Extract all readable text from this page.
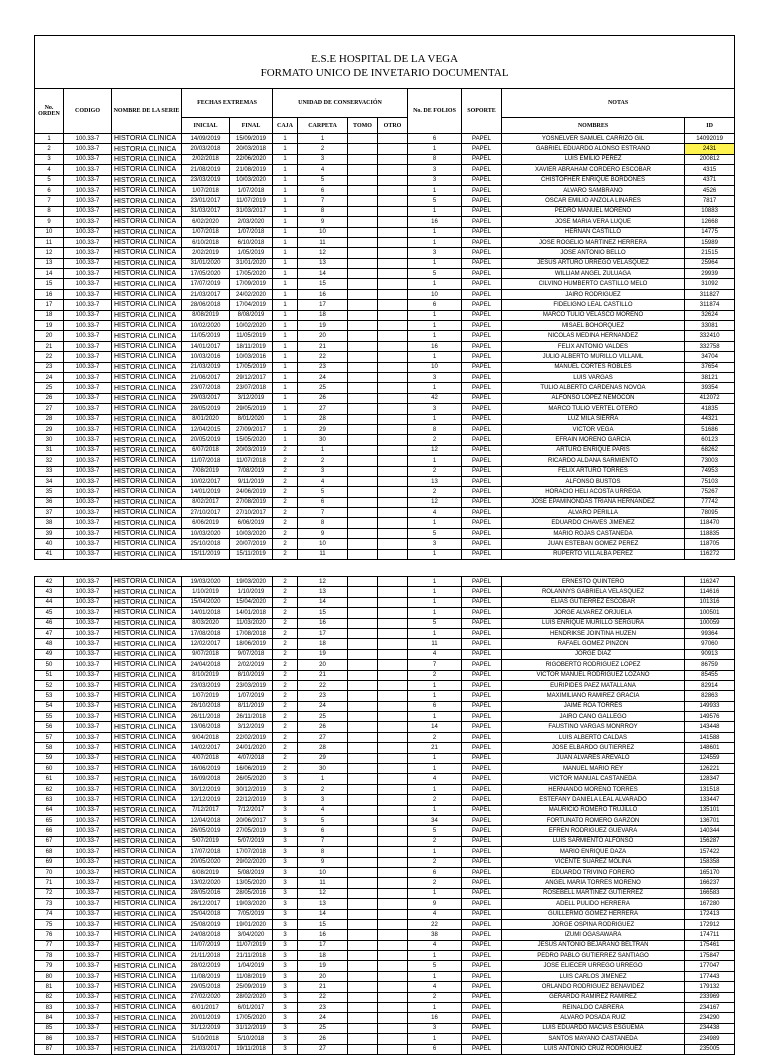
E.S.E HOSPITAL DE LA VEGA
FORMATO UNICO DE INVETARIO DOCUMENTAL												

No. ORDEN	CODIGO	NOMBRE DE LA SERIE	FECHAS EXTREMAS		UNIDAD DE CONSERVACIÓN				No. DE FOLIOS	SOPORTE	NOTAS	
			INICIAL	FINAL	CAJA	CARPETA	TOMO	OTRO			NOMBRES	ID
1	100.33-7	HISTORIA CLINICA	14/09/2019	15/09/2019	1	1			6	PAPEL	YOSNELVER SAMUEL CARRIZO GIL	14092019
2	100.33-7	HISTORIA CLINICA	20/03/2018	20/03/2018	1	2			1	PAPEL	GABRIEL EDUARDO ALONSO ESTRANO	2431
3	100.33-7	HISTORIA CLINICA	2/02/2018	22/06/2020	1	3			8	PAPEL	LUIS EMILIO PEREZ	200812
4	100.33-7	HISTORIA CLINICA	21/08/2019	21/08/2019	1	4			3	PAPEL	XAVIER ABRAHAM CORDERO ESCOBAR	4315
5	100.33-7	HISTORIA CLINICA	23/03/2019	10/03/2020	1	5			3	PAPEL	CHISTOFHER ENRIQUE BORDONES	4371
6	100.33-7	HISTORIA CLINICA	1/07/2018	1/07/2018	1	6			1	PAPEL	ALVARO SAMBRANO	4526
7	100.33-7	HISTORIA CLINICA	23/01/2017	11/07/2019	1	7			5	PAPEL	OSCAR EMILIO ANZOLA LINARES	7817
8	100.33-7	HISTORIA CLINICA	31/03/2017	31/03/2017	1	8			1	PAPEL	PEDRO MANUEL MORENO	10883
9	100.33-7	HISTORIA CLINICA	6/02/2020	2/03/2020	1	9			16	PAPEL	JOSE MARIA VERA LUQUE	12668
10	100.33-7	HISTORIA CLINICA	1/07/2018	1/07/2018	1	10			1	PAPEL	HERNAN CASTILLO	14775
11	100.33-7	HISTORIA CLINICA	6/10/2018	6/10/2018	1	11			1	PAPEL	JOSE ROGELIO MARTINEZ HERRERA	15989
12	100.33-7	HISTORIA CLINICA	2/02/2019	1/05/2019	1	12			3	PAPEL	JOSE ANTONIO BELLO	21515
13	100.33-7	HISTORIA CLINICA	31/01/2020	31/01/2020	1	13			1	PAPEL	JESUS ARTURO URREGO VELASQUEZ	25964
14	100.33-7	HISTORIA CLINICA	17/05/2020	17/05/2020	1	14			5	PAPEL	WILLIAM ANGEL ZULUAGA	29939
15	100.33-7	HISTORIA CLINICA	17/07/2019	17/09/2019	1	15			1	PAPEL	CILVINO HUMBERTO CASTILLO MELO	31092
16	100.33-7	HISTORIA CLINICA	21/03/2017	24/02/2020	1	16			10	PAPEL	JAIRO RODRIGUEZ	311827
17	100.33-7	HISTORIA CLINICA	28/06/2018	17/04/2019	1	17			6	PAPEL	FIDELIGNO LEAL CASTILLO	311874
18	100.33-7	HISTORIA CLINICA	8/08/2019	8/08/2019	1	18			1	PAPEL	MARCO TULIO VELASCO MORENO	32624
19	100.33-7	HISTORIA CLINICA	10/02/2020	10/02/2020	1	19			1	PAPEL	MISAEL BOHORQUEZ	33081
20	100.33-7	HISTORIA CLINICA	11/05/2019	11/05/2019	1	20			1	PAPEL	NICOLAS MEDINA HERNANDEZ	332410
21	100.33-7	HISTORIA CLINICA	14/01/2017	18/11/2019	1	21			16	PAPEL	FELIX ANTONIO VALDES	332758
22	100.33-7	HISTORIA CLINICA	10/03/2016	10/03/2016	1	22			1	PAPEL	JULIO ALBERTO MURILLO VILLAML	34704
23	100.33-7	HISTORIA CLINICA	21/03/2019	17/05/2019	1	23			10	PAPEL	MANUEL CORTES ROBLES	37654
24	100.33-7	HISTORIA CLINICA	21/06/2017	29/12/2017	1	24			3	PAPEL	LUIS VARGAS	38121
25	100.33-7	HISTORIA CLINICA	23/07/2018	23/07/2018	1	25			1	PAPEL	TULIO ALBERTO CARDENAS NOVOA	39354
26	100.33-7	HISTORIA CLINICA	29/03/2017	3/12/2019	1	26			42	PAPEL	ALFONSO LOPEZ NEMOCON	412072
27	100.33-7	HISTORIA CLINICA	28/05/2019	29/05/2019	1	27			3	PAPEL	MARCO TULIO VERTEL OTERO	41835
28	100.33-7	HISTORIA CLINICA	8/01/2020	8/01/2020	1	28			1	PAPEL	LUZ MILA SIERRA	44321
29	100.33-7	HISTORIA CLINICA	12/04/2015	27/09/2017	1	29			8	PAPEL	VICTOR VEGA	51686
30	100.33-7	HISTORIA CLINICA	20/05/2019	15/05/2020	1	30			2	PAPEL	EFRAIN MORENO GARCIA	60123
31	100.33-7	HISTORIA CLINICA	6/07/2018	20/03/2019	2	1			12	PAPEL	ARTURO ENRIQUE PARIS	68262
32	100.33-7	HISTORIA CLINICA	11/07/2018	11/07/2018	2	2			1	PAPEL	RICARDO ALDANA SARMIENTO	73003
33	100.33-7	HISTORIA CLINICA	7/08/2019	7/08/2019	2	3			2	PAPEL	FELIX ARTURO TORRES	74953
34	100.33-7	HISTORIA CLINICA	10/02/2017	9/11/2019	2	4			13	PAPEL	ALFONSO BUSTOS	75103
35	100.33-7	HISTORIA CLINICA	14/01/2019	24/06/2019	2	5			2	PAPEL	HORACIO HELI ACOSTA URREGA	75267
36	100.33-7	HISTORIA CLINICA	8/02/2017	27/08/2019	2	6			12	PAPEL	JOSE EPAMINONDAS TRIANA HERNANDEZ	77742
37	100.33-7	HISTORIA CLINICA	27/10/2017	27/10/2017	2	7			4	PAPEL	ALVARO PERILLA	78095
38	100.33-7	HISTORIA CLINICA	6/06/2019	6/06/2019	2	8			1	PAPEL	EDUARDO CHAVES JIMENEZ	118470
39	100.33-7	HISTORIA CLINICA	10/03/2020	10/03/2020	2	9			5	PAPEL	MARIO ROJAS CASTANEDA	118835
40	100.33-7	HISTORIA CLINICA	25/10/2018	20/07/2019	2	10			3	PAPEL	JUAN ESTEBAN GOMEZ PEREZ	118705
41	100.33-7	HISTORIA CLINICA	15/11/2019	15/11/2019	2	11			1	PAPEL	RUPERTO VILLALBA PEREZ	116272
42	100.33-7	HISTORIA CLINICA	19/03/2020	19/03/2020	2	12			1	PAPEL	ERNESTO QUINTERO	116247
43	100.33-7	HISTORIA CLINICA	1/10/2019	1/10/2019	2	13			1	PAPEL	ROLANNYS GABRIELA VELASQUEZ	114616
44	100.33-7	HISTORIA CLINICA	15/04/2020	15/04/2020	2	14			1	PAPEL	ELIAS GUTIERREZ ESCOBAR	101316
45	100.33-7	HISTORIA CLINICA	14/01/2018	14/01/2018	2	15			1	PAPEL	JORGE ALVAREZ ORJUELA	100501
46	100.33-7	HISTORIA CLINICA	8/03/2020	11/03/2020	2	16			5	PAPEL	LUIS ENRIQUE MURILLO SERGURA	100059
47	100.33-7	HISTORIA CLINICA	17/08/2018	17/08/2018	2	17			1	PAPEL	HENDRIKSE JOINTINA HUZEN	99364
48	100.33-7	HISTORIA CLINICA	12/02/2017	18/06/2019	2	18			11	PAPEL	RAFAEL GOMEZ PINZON	97060
49	100.33-7	HISTORIA CLINICA	9/07/2018	9/07/2018	2	19			4	PAPEL	JORGE DIAZ	90913
50	100.33-7	HISTORIA CLINICA	24/04/2018	2/02/2019	2	20			7	PAPEL	RIGOBERTO RODRIGUEZ LOPEZ	86759
51	100.33-7	HISTORIA CLINICA	8/10/2019	8/10/2019	2	21			2	PAPEL	VICTOR MANUEL RODRIGUEZ LOZANO	85455
52	100.33-7	HISTORIA CLINICA	23/03/2019	23/03/2019	2	22			1	PAPEL	EURIPIDES PAEZ MATALLANA	82914
53	100.33-7	HISTORIA CLINICA	1/07/2019	1/07/2019	2	23			1	PAPEL	MAXIMILIANO RAMIREZ GRACIA	82863
54	100.33-7	HISTORIA CLINICA	26/10/2018	8/11/2019	2	24			6	PAPEL	JAIME ROA TORRES	149933
55	100.33-7	HISTORIA CLINICA	26/11/2018	26/11/2018	2	25			1	PAPEL	JAIRO CANO GALLEGO	149576
56	100.33-7	HISTORIA CLINICA	13/06/2018	3/12/2019	2	26			14	PAPEL	FAUSTINO VARGAS MONRROY	143448
57	100.33-7	HISTORIA CLINICA	9/04/2018	22/02/2019	2	27			2	PAPEL	LUIS ALBERTO CALDAS	141588
58	100.33-7	HISTORIA CLINICA	14/02/2017	24/01/2020	2	28			21	PAPEL	JOSE ELBARDO GUTIERREZ	148601
59	100.33-7	HISTORIA CLINICA	4/07/2018	4/07/2018	2	29			1	PAPEL	JUAN ALVARES AREVALO	124559
60	100.33-7	HISTORIA CLINICA	16/06/2019	16/06/2019	2	30			1	PAPEL	MANUEL MARIO REY	126221
61	100.33-7	HISTORIA CLINICA	16/09/2018	26/05/2020	3	1			4	PAPEL	VICTOR MANUAL CASTANEDA	128347
62	100.33-7	HISTORIA CLINICA	30/12/2019	30/12/2019	3	2			1	PAPEL	HERNANDO MORENO TORRES	131518
63	100.33-7	HISTORIA CLINICA	12/12/2019	22/12/2019	3	3			2	PAPEL	ESTEFANY DANIELA LEAL ALVARADO	133447
64	100.33-7	HISTORIA CLINICA	7/12/2017	7/12/2017	3	4			1	PAPEL	MAURICIO ROMERO TRUJILLO	135101
65	100.33-7	HISTORIA CLINICA	12/04/2018	20/06/2017	3	5			34	PAPEL	FORTUNATO ROMERO GARZON	136701
66	100.33-7	HISTORIA CLINICA	26/05/2019	27/05/2019	3	6			5	PAPEL	EFREN RODRIGUEZ GUEVARA	140344
67	100.33-7	HISTORIA CLINICA	5/07/2019	5/07/2019	3	7			2	PAPEL	LUIS SARMIENTO ALFONSO	156287
68	100.33-7	HISTORIA CLINICA	17/07/2018	17/07/2018	3	8			1	PAPEL	MARIO ENRIQUE DAZA	157422
69	100.33-7	HISTORIA CLINICA	20/05/2020	29/02/2020	3	9			2	PAPEL	VICENTE SUAREZ MOLINA	158358
70	100.33-7	HISTORIA CLINICA	6/08/2019	5/08/2019	3	10			6	PAPEL	EDUARDO TRIVINO FORERO	165170
71	100.33-7	HISTORIA CLINICA	13/02/2020	13/05/2020	3	11			2	PAPEL	ANGEL MARIA TORRES MORENO	166237
72	100.33-7	HISTORIA CLINICA	28/05/2016	28/05/2016	3	12			1	PAPEL	ROSEBELL MARTINEZ GUTIERREZ	166583
73	100.33-7	HISTORIA CLINICA	26/12/2017	19/03/2020	3	13			9	PAPEL	ADELL PULIDO HERRERA	167280
74	100.33-7	HISTORIA CLINICA	25/04/2018	7/05/2019	3	14			4	PAPEL	GUILLERMO GOMEZ HERRERA	172413
75	100.33-7	HISTORIA CLINICA	25/08/2019	19/01/2020	3	15			22	PAPEL	JORGE OSPINA RODRIGUEZ	172912
76	100.33-7	HISTORIA CLINICA	24/08/2018	3/04/2020	3	16			38	PAPEL	IZUMI OGASAWARA	174711
77	100.33-7	HISTORIA CLINICA	11/07/2019	11/07/2019	3	17			4	PAPEL	JESUS ANTONIO BEJARANO BELTRAN	175461
78	100.33-7	HISTORIA CLINICA	21/11/2018	21/11/2018	3	18			1	PAPEL	PEDRO PABLO GUTIERREZ SANTIAGO	175847
79	100.33-7	HISTORIA CLINICA	28/02/2019	1/04/2019	3	19			5	PAPEL	JOSE ELIECER URREGO URREGO	177047
80	100.33-7	HISTORIA CLINICA	11/08/2019	11/08/2019	3	20			1	PAPEL	LUIS CARLOS JIMENEZ	177443
81	100.33-7	HISTORIA CLINICA	29/05/2018	25/09/2019	3	21			4	PAPEL	ORLANDO RODRIGUEZ BENAVIDEZ	179132
82	100.33-7	HISTORIA CLINICA	27/02/2020	28/02/2020	3	22			2	PAPEL	GERARDO RAMIREZ RAMIREZ	233969
83	100.33-7	HISTORIA CLINICA	6/01/2017	6/01/2017	3	23			1	PAPEL	REINALDO CABRERA	234167
84	100.33-7	HISTORIA CLINICA	20/01/2019	17/05/2020	3	24			16	PAPEL	ALVARO POSADA RUIZ	234290
85	100.33-7	HISTORIA CLINICA	31/12/2019	31/12/2019	3	25			3	PAPEL	LUIS EDUARDO MACIAS ESGUEMA	234438
86	100.33-7	HISTORIA CLINICA	5/10/2018	5/10/2018	3	26			1	PAPEL	SANTOS MAYANO CASTANEDA	234989
87	100.33-7	HISTORIA CLINICA	21/03/2017	19/11/2018	3	27			6	PAPEL	LUIS ANTONIO CRUZ RODRIGUEZ	235005
